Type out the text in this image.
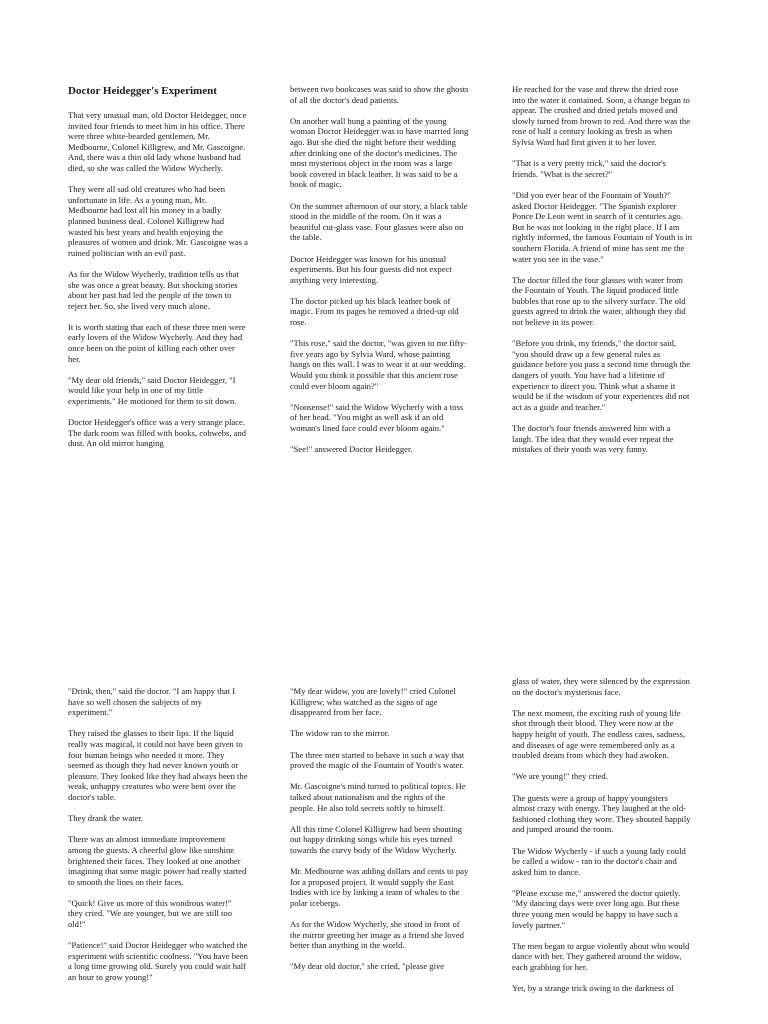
Doctor Heidegger's Experiment

That very unusual man, old Doctor Heidegger, once invited four friends to meet him in his office. There were three white-bearded gentlemen, Mr. Medbourne, Colonel Killigrew, and Mr. Gascoigne. And, there was a thin old lady whose husband had died, so she was called the Widow Wycherly.

They were all sad old creatures who had been unfortunate in life. As a young man, Mr. Medbourne had lost all his money in a badly planned business deal. Colonel Killigrew had wasted his best years and health enjoying the pleasures of women and drink. Mr. Gascoigne was a ruined politician with an evil past.

As for the Widow Wycherly, tradition tells us that she was once a great beauty. But shocking stories about her past had led the people of the town to reject her. So, she lived very much alone.

It is worth stating that each of these three men were early lovers of the Widow Wycherly. And they had once been on the point of killing each other over her.

"My dear old friends," said Doctor Heidegger, "I would like your help in one of my little experiments." He motioned for them to sit down.

Doctor Heidegger's office was a very strange place. The dark room was filled with books, cobwebs, and dust. An old mirror hanging

between two bookcases was said to show the ghosts of all the doctor's dead patients.

On another wall hung a painting of the young woman Doctor Heidegger was to have married long ago. But she died the night before their wedding after drinking one of the doctor's medicines. The most mysterious object in the room was a large book covered in black leather. It was said to be a book of magic.

On the summer afternoon of our story, a black table stood in the middle of the room. On it was a beautiful cut-glass vase. Four glasses were also on the table.

Doctor Heidegger was known for his unusual experiments. But his four guests did not expect anything very interesting.

The doctor picked up his black leather book of magic. From its pages he removed a dried-up old rose.

"This rose," said the doctor, "was given to me fifty-five years ago by Sylvia Ward, whose painting hangs on this wall. I was to wear it at our wedding. Would you think it possible that this ancient rose could ever bloom again?"

"Nonsense!" said the Widow Wycherly with a toss of her head. "You might as well ask if an old woman's lined face could ever bloom again."

"See!" answered Doctor Heidegger.

He reached for the vase and threw the dried rose into the water it contained. Soon, a change began to appear. The crushed and dried petals moved and slowly turned from brown to red. And there was the rose of half a century looking as fresh as when Sylvia Ward had first given it to her lover.

"That is a very pretty trick," said the doctor's friends. "What is the secret?"

"Did you ever hear of the Fountain of Youth?" asked Doctor Heidegger. "The Spanish explorer Ponce De Leon went in search of it centuries ago. But he was not looking in the right place. If I am rightly informed, the famous Fountain of Youth is in southern Florida. A friend of mine has sent me the water you see in the vase."

The doctor filled the four glasses with water from the Fountain of Youth. The liquid produced little bubbles that rose up to the silvery surface. The old guests agreed to drink the water, although they did not believe in its power.

"Before you drink, my friends," the doctor said, "you should draw up a few general rules as guidance before you pass a second time through the dangers of youth. You have had a lifetime of experience to direct you. Think what a shame it would be if the wisdom of your experiences did not act as a guide and teacher."

The doctor's four friends answered him with a laugh. The idea that they would ever repeat the mistakes of their youth was very funny.

"Drink, then," said the doctor. "I am happy that I have so well chosen the subjects of my experiment."

They raised the glasses to their lips. If the liquid really was magical, it could not have been given to four human beings who needed it more. They seemed as though they had never known youth or pleasure. They looked like they had always been the weak, unhappy creatures who were bent over the doctor's table.

They drank the water.

There was an almost immediate improvement among the guests. A cheerful glow like sunshine brightened their faces. They looked at one another imagining that some magic power had really started to smooth the lines on their faces.

"Quick! Give us more of this wondrous water!" they cried. "We are younger, but we are still too old!"

"Patience!" said Doctor Heidegger who watched the experiment with scientific coolness. "You have been a long time growing old. Surely you could wait half an hour to grow young!"

"My dear widow, you are lovely!" cried Colonel Killigrew, who watched as the signs of age disappeared from her face.

The widow ran to the mirror.

The three men started to behave in such a way that proved the magic of the Fountain of Youth's water.

Mr. Gascoigne's mind turned to political topics. He talked about nationalism and the rights of the people. He also told secrets softly to himself.

All this time Colonel Killigrew had been shouting out happy drinking songs while his eyes turned towards the curvy body of the Widow Wycherly.

Mr. Medbourne was adding dollars and cents to pay for a proposed project. It would supply the East Indies with ice by linking a team of whales to the polar icebergs.

As for the Widow Wycherly, she stood in front of the mirror greeting her image as a friend she loved better than anything in the world.

"My dear old doctor," she cried, "please give

glass of water, they were silenced by the expression on the doctor's mysterious face.

The next moment, the exciting rush of young life shot through their blood. They were now at the happy height of youth. The endless cares, sadness, and diseases of age were remembered only as a troubled dream from which they had awoken.

"We are young!" they cried.

The guests were a group of happy youngsters almost crazy with energy. They laughed at the old-fashioned clothing they wore. They shouted happily and jumped around the room.

The Widow Wycherly - if such a young lady could be called a widow - ran to the doctor's chair and asked him to dance.

"Please excuse me," answered the doctor quietly. "My dancing days were over long ago. But these three young men would be happy to have such a lovely partner."

The men began to argue violently about who would dance with her. They gathered around the widow, each grabbing for her.

Yet, by a strange trick owing to the darkness of
